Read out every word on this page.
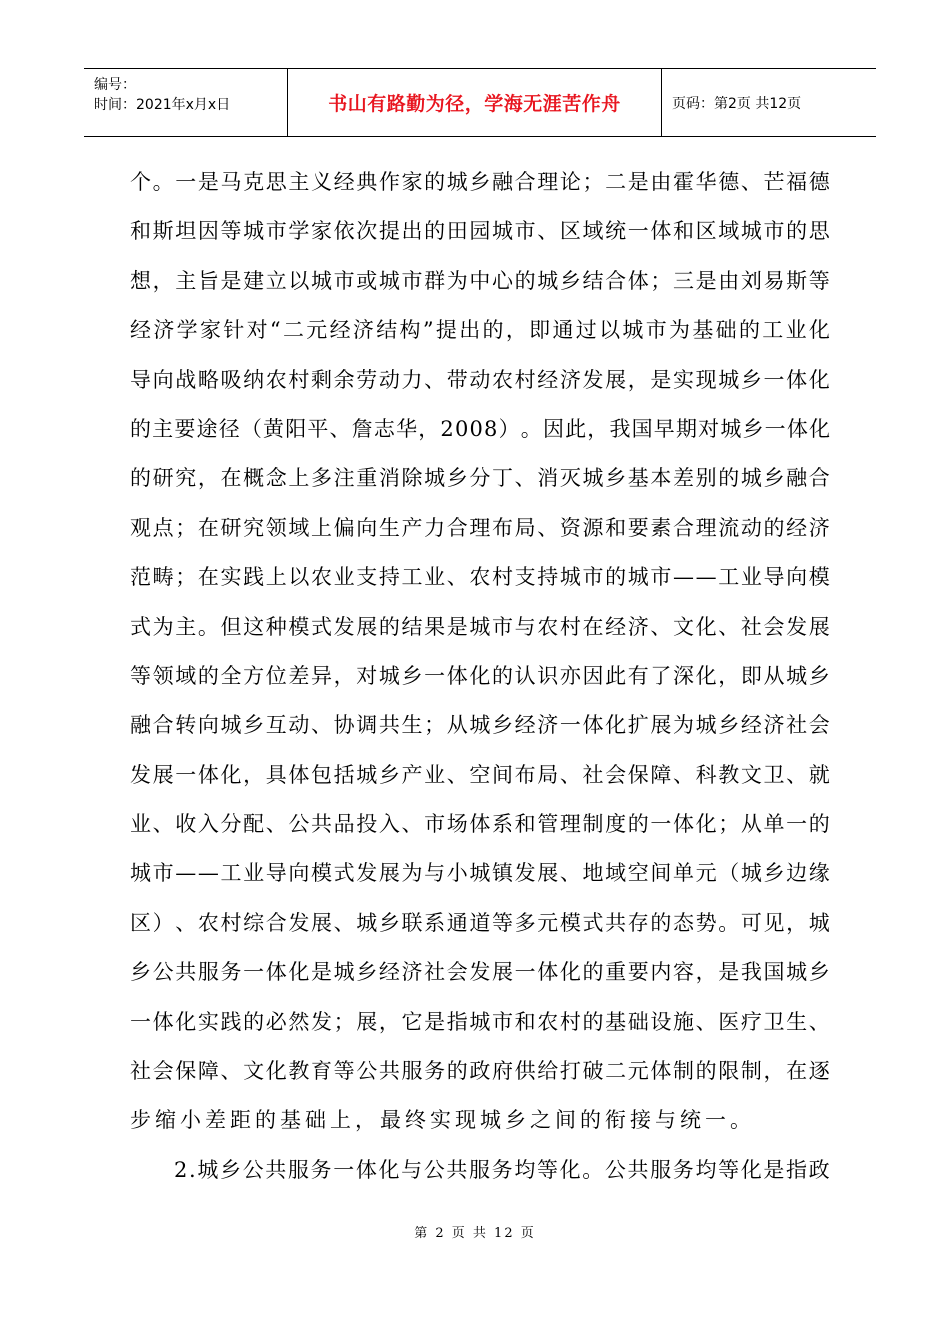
编号：
时间：2021年x月x日	书山有路勤为径，学海无涯苦作舟	页码：第2页 共12页
个 。 一 是 马 克 思 主 义 经 典 作 家 的 城 乡 融 合 理 论 ； 二 是 由 霍 华 德 、 芒 福 德
和 斯 坦 因 等 城 市 学 家 依 次 提 出 的 田 园 城 市 、 区 域 统 一 体 和 区 域 城 市 的 思
想 ， 主 旨 是 建 立 以 城 市 或 城 市 群 为 中 心 的 城 乡 结 合 体 ； 三 是 由 刘 易 斯 等
经 济 学 家 针 对 “ 二 元 经 济 结 构 ” 提 出 的 ， 即 通 过 以 城 市 为 基 础 的 工 业 化
导 向 战 略 吸 纳 农 村 剩 余 劳 动 力 、 带 动 农 村 经 济 发 展 ， 是 实 现 城 乡 一 体 化
的 主 要 途 径 （ 黄 阳 平 、 詹 志 华 ， 2 0 0 8 ） 。 因 此 ， 我 国 早 期 对 城 乡 一 体 化
的 研 究 ， 在 概 念 上 多 注 重 消 除 城 乡 分 丁 、 消 灭 城 乡 基 本 差 别 的 城 乡 融 合
观 点 ； 在 研 究 领 域 上 偏 向 生 产 力 合 理 布 局 、 资 源 和 要 素 合 理 流 动 的 经 济
范 畴 ； 在 实 践 上 以 农 业 支 持 工 业 、 农 村 支 持 城 市 的 城 市 — — 工 业 导 向 模
式 为 主 。 但 这 种 模 式 发 展 的 结 果 是 城 市 与 农 村 在 经 济 、 文 化 、 社 会 发 展
等 领 域 的 全 方 位 差 异 ， 对 城 乡 一 体 化 的 认 识 亦 因 此 有 了 深 化 ， 即 从 城 乡
融 合 转 向 城 乡 互 动 、 协 调 共 生 ； 从 城 乡 经 济 一 体 化 扩 展 为 城 乡 经 济 社 会
发 展 一 体 化 ， 具 体 包 括 城 乡 产 业 、 空 间 布 局 、 社 会 保 障 、 科 教 文 卫 、 就
业 、 收 入 分 配 、 公 共 品 投 入 、 市 场 体 系 和 管 理 制 度 的 一 体 化 ； 从 单 一 的
城 市 — — 工 业 导 向 模 式 发 展 为 与 小 城 镇 发 展 、 地 域 空 间 单 元 （ 城 乡 边 缘
区 ） 、 农 村 综 合 发 展 、 城 乡 联 系 通 道 等 多 元 模 式 共 存 的 态 势 。 可 见 ， 城
乡 公 共 服 务 一 体 化 是 城 乡 经 济 社 会 发 展 一 体 化 的 重 要 内 容 ， 是 我 国 城 乡
一 体 化 实 践 的 必 然 发 ； 展 ， 它 是 指 城 市 和 农 村 的 基 础 设 施 、 医 疗 卫 生 、
社 会 保 障 、 文 化 教 育 等 公 共 服 务 的 政 府 供 给 打 破 二 元 体 制 的 限 制 ， 在 逐
步缩小差距的基础上，最终实现城乡之间的衔接与统一。
2 . 城 乡 公 共 服 务 一 体 化 与 公 共 服 务 均 等 化 。 公 共 服 务 均 等 化 是 指 政
第 2 页 共 12 页
